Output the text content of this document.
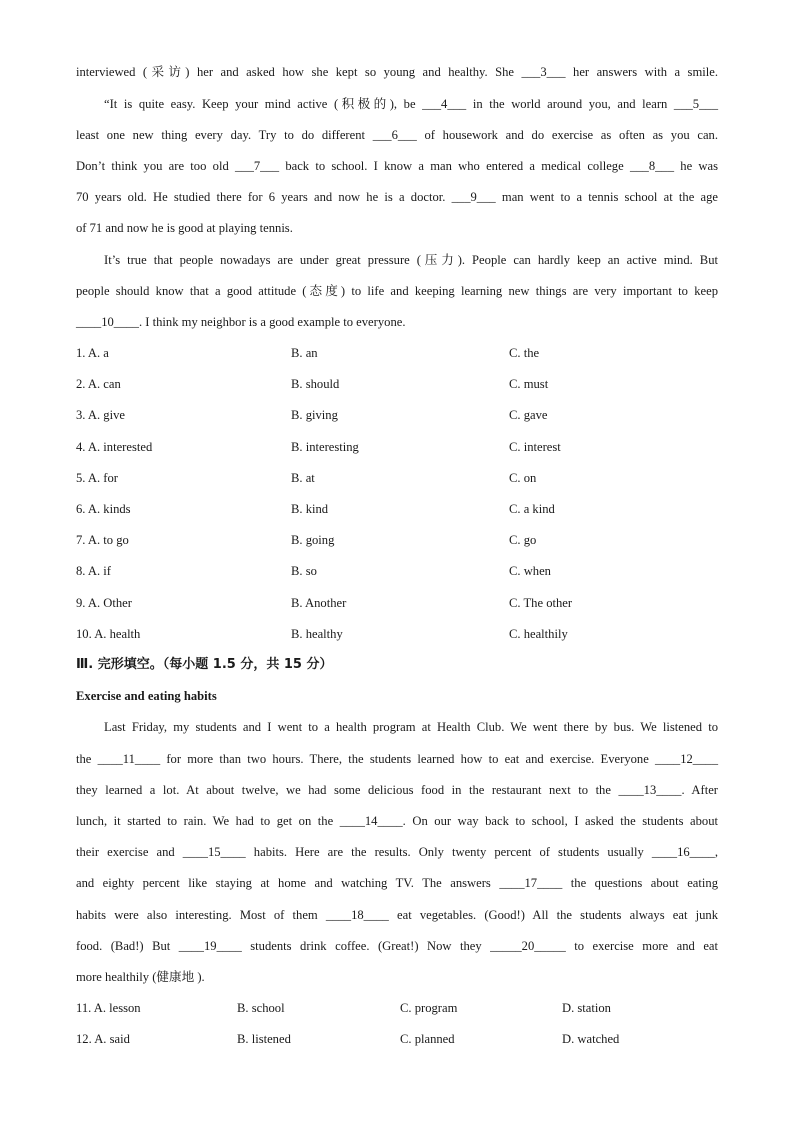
interviewed (采访) her and asked how she kept so young and healthy. She ___3___ her answers with a smile.
“It is quite easy. Keep your mind active (积极的), be ___4___ in the world around you, and learn ___5___
least one new thing every day. Try to do different ___6___ of housework and do exercise as often as you can.
Don’t think you are too old ___7___ back to school. I know a man who entered a medical college ___8___ he was
70 years old. He studied there for 6 years and now he is a doctor. ___9___ man went to a tennis school at the age
of 71 and now he is good at playing tennis.
It’s true that people nowadays are under great pressure (压力). People can hardly keep an active mind. But
people should know that a good attitude (态度) to life and keeping learning new things are very important to keep
____10____. I think my neighbor is a good example to everyone.
1. A. a	B. an	C. the
2. A. can	B. should	C. must
3. A. give	B. giving	C. gave
4. A. interested	B. interesting	C. interest
5. A. for	B. at	C. on
6. A. kinds	B. kind	C. a kind
7. A. to go	B. going	C. go
8. A. if	B. so	C. when
9. A. Other	B. Another	C. The other
10. A. health	B. healthy	C. healthily
Ⅲ. 完形填空。（每小题 1.5 分，共 15 分）
Exercise and eating habits
Last Friday, my students and I went to a health program at Health Club. We went there by bus. We listened to
the ____11____ for more than two hours. There, the students learned how to eat and exercise. Everyone ____12____
they learned a lot. At about twelve, we had some delicious food in the restaurant next to the ____13____. After
lunch, it started to rain. We had to get on the ____14____. On our way back to school, I asked the students about
their exercise and ____15____ habits. Here are the results. Only twenty percent of students usually ____16____,
and eighty percent like staying at home and watching TV. The answers ____17____ the questions about eating
habits were also interesting. Most of them ____18____ eat vegetables. (Good!) All the students always eat junk
food. (Bad!) But ____19____ students drink coffee. (Great!) Now they _____20_____ to exercise more and eat
more healthily (健康地 ).
11. A. lesson	B. school	C. program	D. station
12. A. said	B. listened	C. planned	D. watched
